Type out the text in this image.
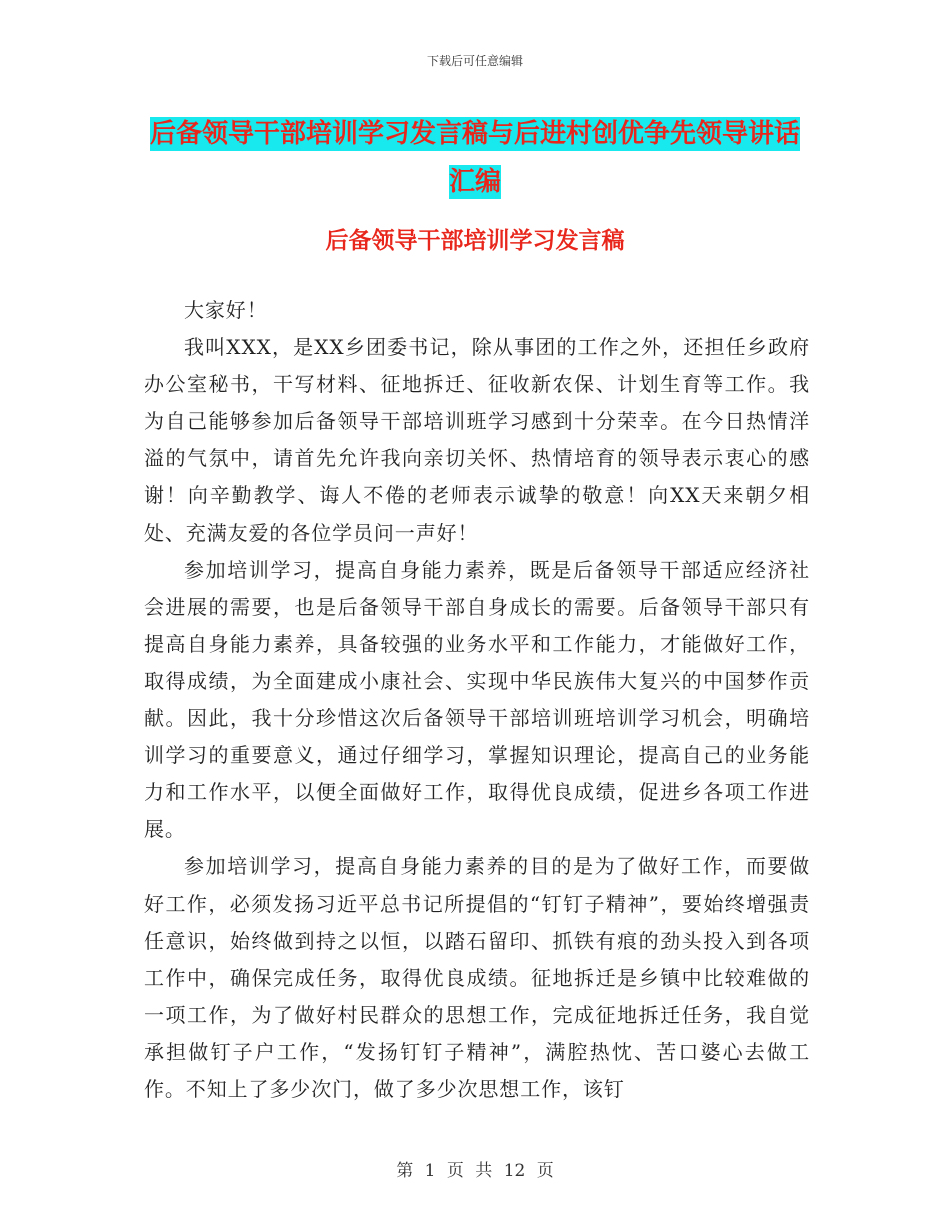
下载后可任意编辑
后备领导干部培训学习发言稿与后进村创优争先领导讲话汇编
后备领导干部培训学习发言稿

大家好！

我叫XXX，是XX乡团委书记，除从事团的工作之外，还担任乡政府办公室秘书，干写材料、征地拆迁、征收新农保、计划生育等工作。我为自己能够参加后备领导干部培训班学习感到十分荣幸。在今日热情洋溢的气氛中，请首先允许我向亲切关怀、热情培育的领导表示衷心的感谢！向辛勤教学、诲人不倦的老师表示诚挚的敬意！向XX天来朝夕相处、充满友爱的各位学员问一声好！

参加培训学习，提高自身能力素养，既是后备领导干部适应经济社会进展的需要，也是后备领导干部自身成长的需要。后备领导干部只有提高自身能力素养，具备较强的业务水平和工作能力，才能做好工作，取得成绩，为全面建成小康社会、实现中华民族伟大复兴的中国梦作贡献。因此，我十分珍惜这次后备领导干部培训班培训学习机会，明确培训学习的重要意义，通过仔细学习，掌握知识理论，提高自己的业务能力和工作水平，以便全面做好工作，取得优良成绩，促进乡各项工作进展。

参加培训学习，提高自身能力素养的目的是为了做好工作，而要做好工作，必须发扬习近平总书记所提倡的“钉钉子精神”，要始终增强责任意识，始终做到持之以恒，以踏石留印、抓铁有痕的劲头投入到各项工作中，确保完成任务，取得优良成绩。征地拆迁是乡镇中比较难做的一项工作，为了做好村民群众的思想工作，完成征地拆迁任务，我自觉承担做钉子户工作，“发扬钉钉子精神”，满腔热忱、苦口婆心去做工作。不知上了多少次门，做了多少次思想工作，该钉

第 1 页 共 12 页
